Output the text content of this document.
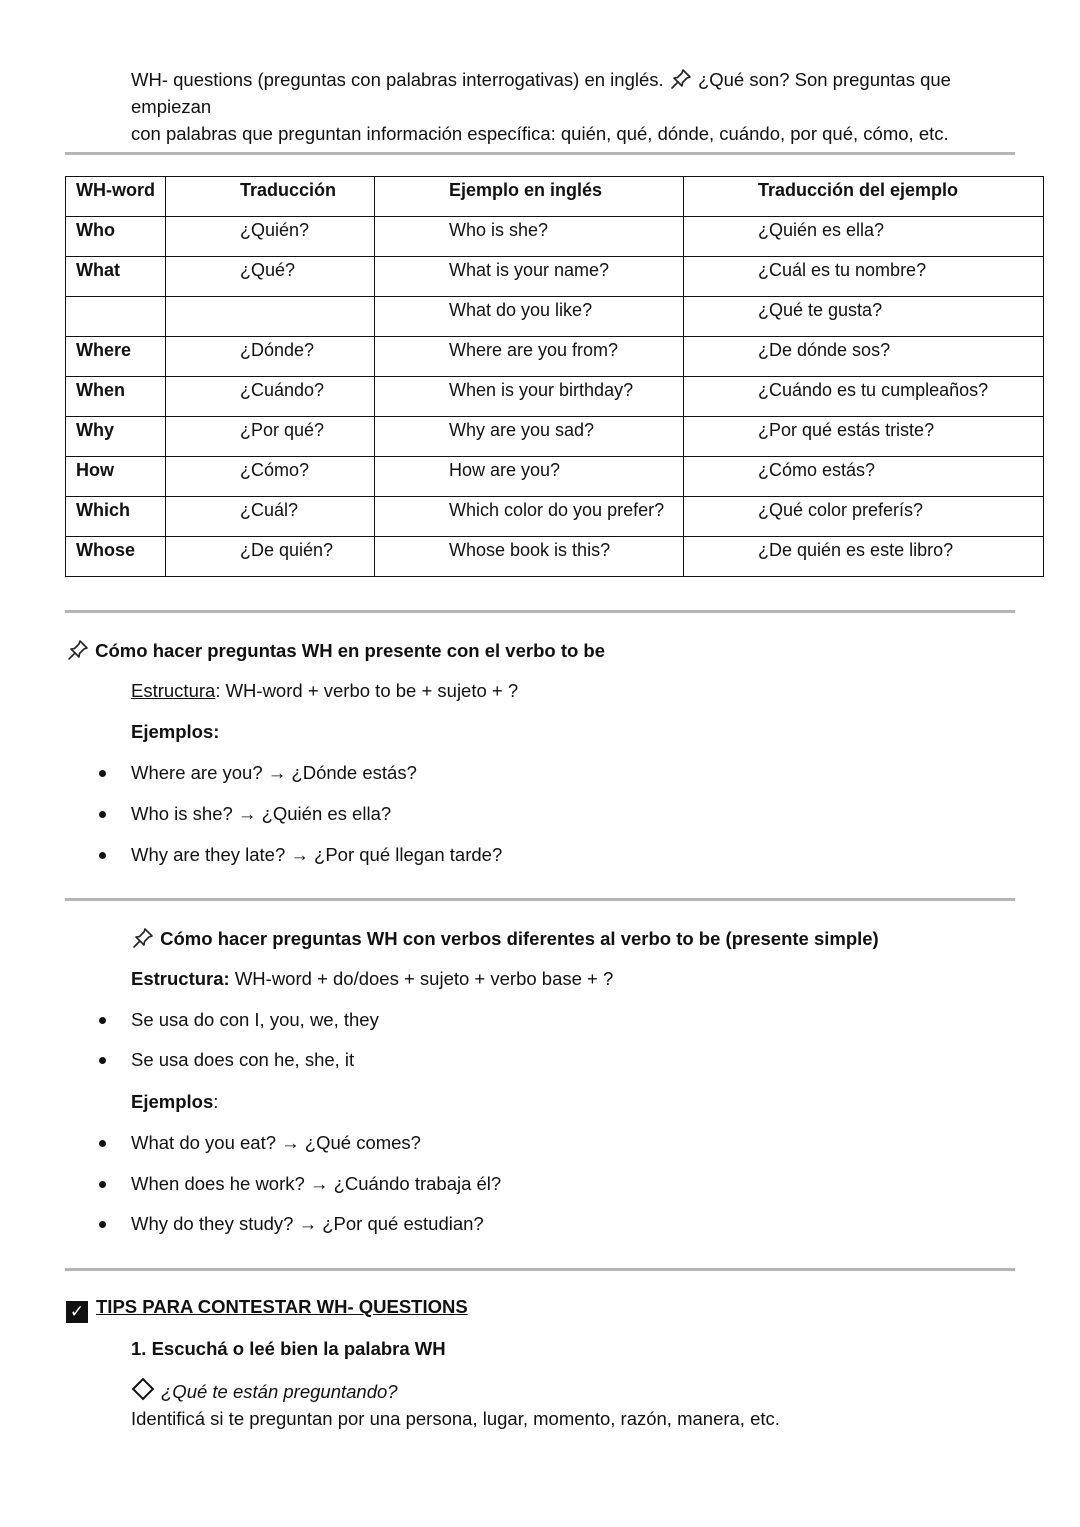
WH- questions (preguntas con palabras interrogativas) en inglés. ¿Qué son? Son preguntas que empiezan
con palabras que preguntan información específica: quién, qué, dónde, cuándo, por qué, cómo, etc.
WH-word	Traducción	Ejemplo en inglés	Traducción del ejemplo
Who	¿Quién?	Who is she?	¿Quién es ella?
What	¿Qué?	What is your name?	¿Cuál es tu nombre?
		What do you like?	¿Qué te gusta?
Where	¿Dónde?	Where are you from?	¿De dónde sos?
When	¿Cuándo?	When is your birthday?	¿Cuándo es tu cumpleaños?
Why	¿Por qué?	Why are you sad?	¿Por qué estás triste?
How	¿Cómo?	How are you?	¿Cómo estás?
Which	¿Cuál?	Which color do you prefer?	¿Qué color preferís?
Whose	¿De quién?	Whose book is this?	¿De quién es este libro?
Cómo hacer preguntas WH en presente con el verbo to be
Estructura: WH-word + verbo to be + sujeto + ?
Ejemplos:
Where are you? → ¿Dónde estás?
Who is she? → ¿Quién es ella?
Why are they late? → ¿Por qué llegan tarde?
Cómo hacer preguntas WH con verbos diferentes al verbo to be (presente simple)
Estructura: WH-word + do/does + sujeto + verbo base + ?
Se usa do con I, you, we, they
Se usa does con he, she, it
Ejemplos:
What do you eat? → ¿Qué comes?
When does he work? → ¿Cuándo trabaja él?
Why do they study? → ¿Por qué estudian?
✓ TIPS PARA CONTESTAR WH- QUESTIONS
1. Escuchá o leé bien la palabra WH
¿Qué te están preguntando?
Identificá si te preguntan por una persona, lugar, momento, razón, manera, etc.
